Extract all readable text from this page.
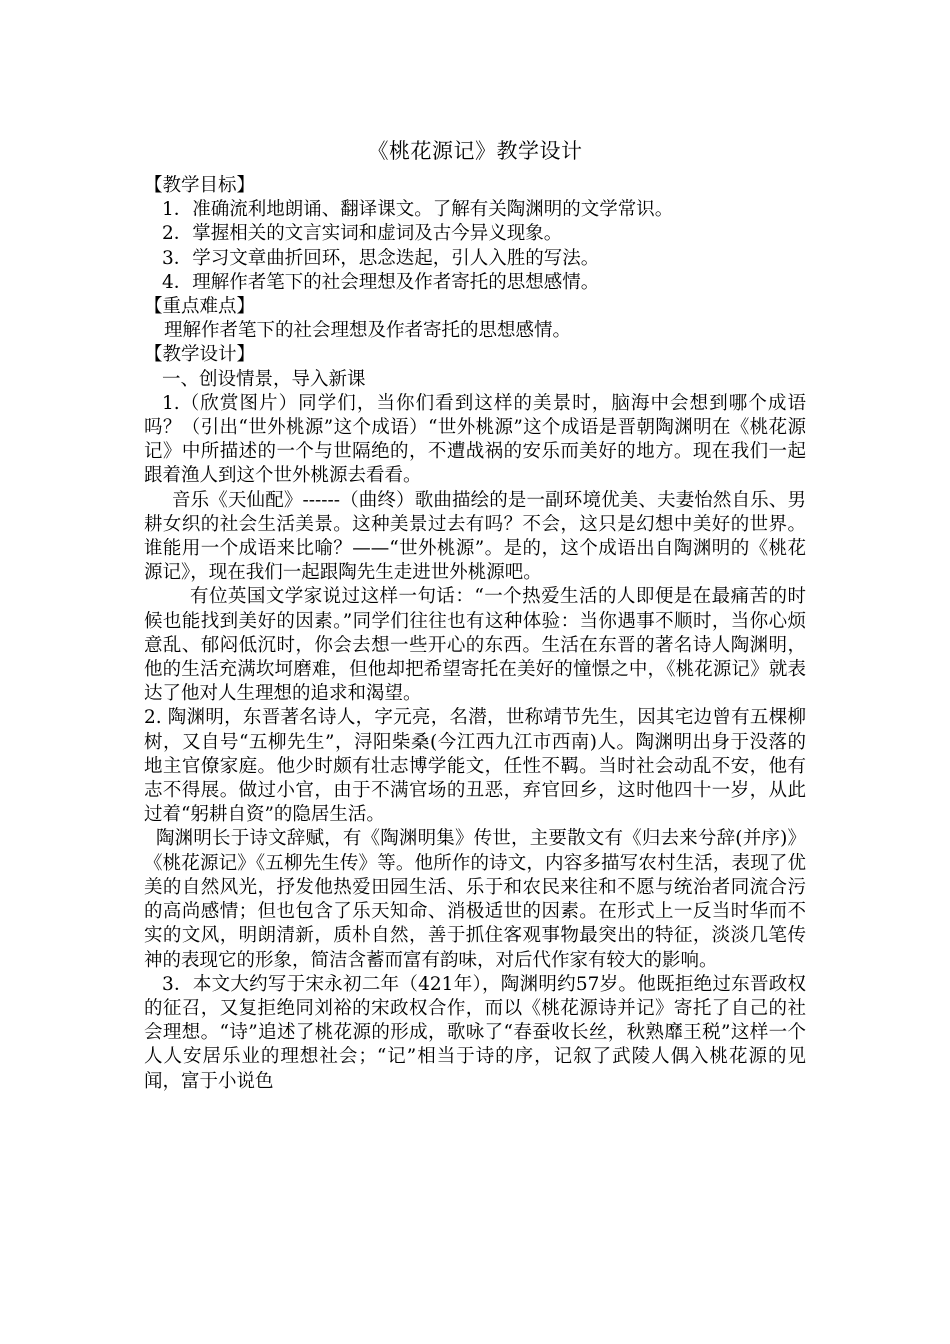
《桃花源记》教学设计
【教学目标】
1．准确流利地朗诵、翻译课文。了解有关陶渊明的文学常识。
2．掌握相关的文言实词和虚词及古今异义现象。
3．学习文章曲折回环，思念迭起，引人入胜的写法。
4．理解作者笔下的社会理想及作者寄托的思想感情。
【重点难点】
理解作者笔下的社会理想及作者寄托的思想感情。
【教学设计】
一、创设情景，导入新课
1.（欣赏图片）同学们，当你们看到这样的美景时，脑海中会想到哪个成语吗？（引出“世外桃源”这个成语）“世外桃源”这个成语是晋朝陶渊明在《桃花源记》中所描述的一个与世隔绝的，不遭战祸的安乐而美好的地方。现在我们一起跟着渔人到这个世外桃源去看看。
音乐《天仙配》------（曲终）歌曲描绘的是一副环境优美、夫妻怡然自乐、男耕女织的社会生活美景。这种美景过去有吗？不会，这只是幻想中美好的世界。谁能用一个成语来比喻？——“世外桃源”。是的，这个成语出自陶渊明的《桃花源记》，现在我们一起跟陶先生走进世外桃源吧。
有位英国文学家说过这样一句话：“一个热爱生活的人即便是在最痛苦的时候也能找到美好的因素。”同学们往往也有这种体验：当你遇事不顺时，当你心烦意乱、郁闷低沉时，你会去想一些开心的东西。生活在东晋的著名诗人陶渊明，他的生活充满坎坷磨难，但他却把希望寄托在美好的憧憬之中，《桃花源记》就表达了他对人生理想的追求和渴望。
2. 陶渊明，东晋著名诗人，字元亮，名潜，世称靖节先生，因其宅边曾有五棵柳树，又自号“五柳先生”，浔阳柴桑(今江西九江市西南)人。陶渊明出身于没落的地主官僚家庭。他少时颇有壮志博学能文，任性不羁。当时社会动乱不安，他有志不得展。做过小官，由于不满官场的丑恶，弃官回乡，这时他四十一岁，从此过着“躬耕自资”的隐居生活。
陶渊明长于诗文辞赋，有《陶渊明集》传世，主要散文有《归去来兮辞(并序)》《桃花源记》《五柳先生传》等。他所作的诗文，内容多描写农村生活，表现了优美的自然风光，抒发他热爱田园生活、乐于和农民来往和不愿与统治者同流合污的高尚感情；但也包含了乐天知命、消极适世的因素。在形式上一反当时华而不实的文风，明朗清新，质朴自然，善于抓住客观事物最突出的特征，淡淡几笔传神的表现它的形象，简洁含蓄而富有韵味，对后代作家有较大的影响。
3．本文大约写于宋永初二年（421年），陶渊明约57岁。他既拒绝过东晋政权的征召，又复拒绝同刘裕的宋政权合作，而以《桃花源诗并记》寄托了自己的社会理想。“诗”追述了桃花源的形成，歌咏了“春蚕收长丝，秋熟靡王税”这样一个人人安居乐业的理想社会；“记”相当于诗的序，记叙了武陵人偶入桃花源的见闻，富于小说色
